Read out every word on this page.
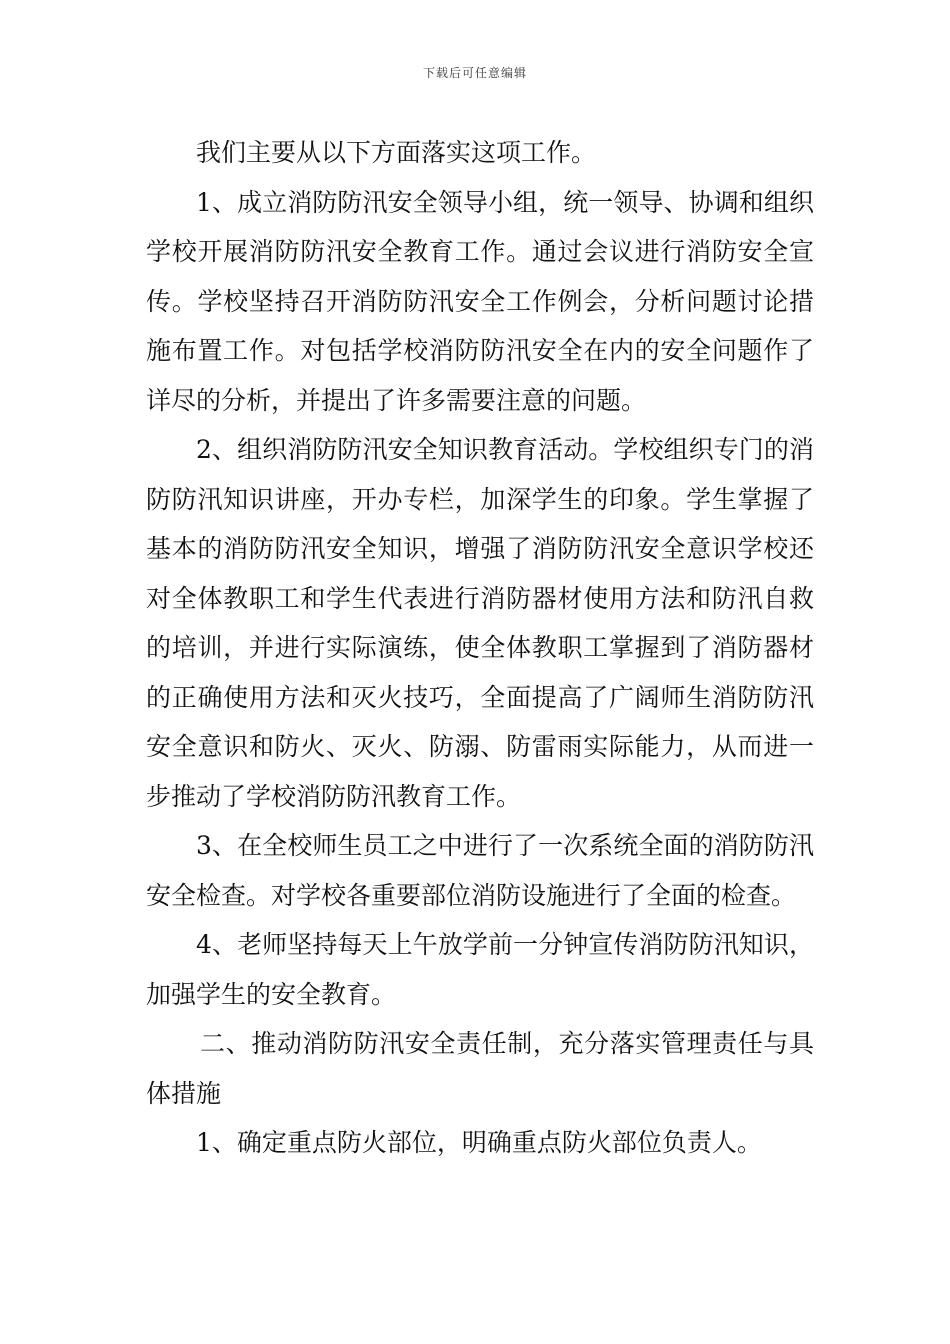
下载后可任意编辑

我们主要从以下方面落实这项工作。

1、成立消防防汛安全领导小组，统一领导、协调和组织学校开展消防防汛安全教育工作。通过会议进行消防安全宣传。学校坚持召开消防防汛安全工作例会，分析问题讨论措施布置工作。对包括学校消防防汛安全在内的安全问题作了详尽的分析，并提出了许多需要注意的问题。

2、组织消防防汛安全知识教育活动。学校组织专门的消防防汛知识讲座，开办专栏，加深学生的印象。学生掌握了基本的消防防汛安全知识，增强了消防防汛安全意识学校还对全体教职工和学生代表进行消防器材使用方法和防汛自救的培训，并进行实际演练，使全体教职工掌握到了消防器材的正确使用方法和灭火技巧，全面提高了广阔师生消防防汛安全意识和防火、灭火、防溺、防雷雨实际能力，从而进一步推动了学校消防防汛教育工作。

3、在全校师生员工之中进行了一次系统全面的消防防汛安全检查。对学校各重要部位消防设施进行了全面的检查。

4、老师坚持每天上午放学前一分钟宣传消防防汛知识，加强学生的安全教育。

二、推动消防防汛安全责任制，充分落实管理责任与具体措施

1、确定重点防火部位，明确重点防火部位负责人。
